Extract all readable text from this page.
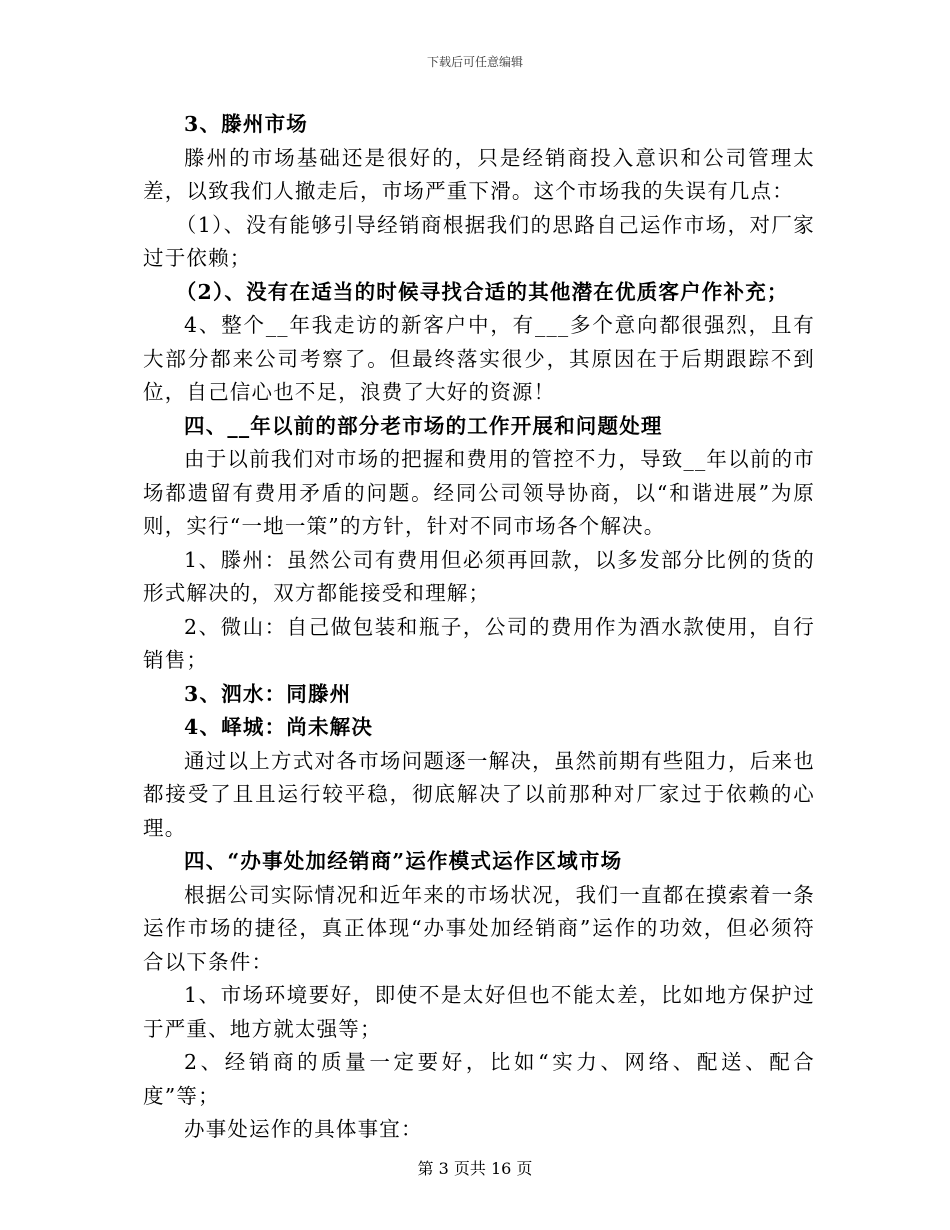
下载后可任意编辑

3、滕州市场

滕州的市场基础还是很好的，只是经销商投入意识和公司管理太差，以致我们人撤走后，市场严重下滑。这个市场我的失误有几点：

（1）、没有能够引导经销商根据我们的思路自己运作市场，对厂家过于依赖；

（2）、没有在适当的时候寻找合适的其他潜在优质客户作补充；

4、整个__年我走访的新客户中，有___多个意向都很强烈，且有大部分都来公司考察了。但最终落实很少，其原因在于后期跟踪不到位，自己信心也不足，浪费了大好的资源！

四、__年以前的部分老市场的工作开展和问题处理

由于以前我们对市场的把握和费用的管控不力，导致__年以前的市场都遗留有费用矛盾的问题。经同公司领导协商，以“和谐进展”为原则，实行“一地一策”的方针，针对不同市场各个解决。

1、滕州：虽然公司有费用但必须再回款，以多发部分比例的货的形式解决的，双方都能接受和理解；

2、微山：自己做包装和瓶子，公司的费用作为酒水款使用，自行销售；

3、泗水：同滕州

4、峄城：尚未解决

通过以上方式对各市场问题逐一解决，虽然前期有些阻力，后来也都接受了且且运行较平稳，彻底解决了以前那种对厂家过于依赖的心理。

四、“办事处加经销商”运作模式运作区域市场

根据公司实际情况和近年来的市场状况，我们一直都在摸索着一条运作市场的捷径，真正体现“办事处加经销商”运作的功效，但必须符合以下条件：

1、市场环境要好，即使不是太好但也不能太差，比如地方保护过于严重、地方就太强等；

2、经销商的质量一定要好，比如“实力、网络、配送、配合度”等；

办事处运作的具体事宜：

第 3 页共 16 页
